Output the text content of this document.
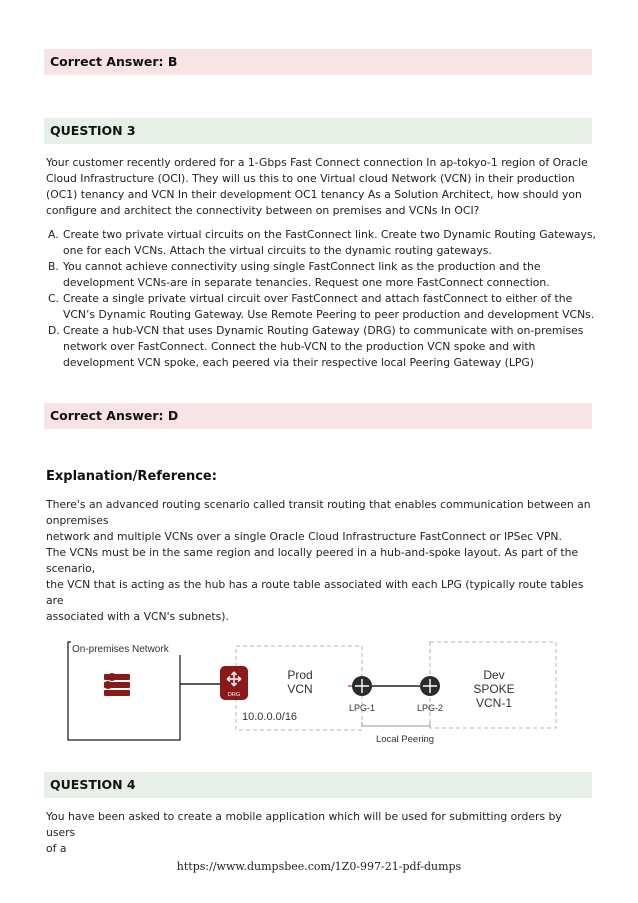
Correct Answer: B
QUESTION 3
Your customer recently ordered for a 1-Gbps Fast Connect connection In ap-tokyo-1 region of Oracle
Cloud Infrastructure (OCI). They will us this to one Virtual cloud Network (VCN) in their production
(OC1) tenancy and VCN In their development OC1 tenancy As a Solution Architect, how should yon
configure and architect the connectivity between on premises and VCNs In OCI?
A. Create two private virtual circuits on the FastConnect link. Create two Dynamic Routing Gateways,
one for each VCNs. Attach the virtual circuits to the dynamic routing gateways.
B. You cannot achieve connectivity using single FastConnect link as the production and the
development VCNs-are in separate tenancies. Request one more FastConnect connection.
C. Create a single private virtual circuit over FastConnect and attach fastConnect to either of the
VCN’s Dynamic Routing Gateway. Use Remote Peering to peer production and development VCNs.
D. Create a hub-VCN that uses Dynamic Routing Gateway (DRG) to communicate with on-premises
network over FastConnect. Connect the hub-VCN to the production VCN spoke and with
development VCN spoke, each peered via their respective local Peering Gateway (LPG)
Correct Answer: D
Explanation/Reference:
There's an advanced routing scenario called transit routing that enables communication between an
onpremises
network and multiple VCNs over a single Oracle Cloud Infrastructure FastConnect or IPSec VPN.
The VCNs must be in the same region and locally peered in a hub-and-spoke layout. As part of the
scenario,
the VCN that is acting as the hub has a route table associated with each LPG (typically route tables
are
associated with a VCN's subnets).
On-premises Network
DRG
Prod
VCN
10.0.0.0/16
LPG-1	LPG-2
Dev
SPOKE
VCN-1
Local Peering
QUESTION 4
You have been asked to create a mobile application which will be used for submitting orders by users
of a
https://www.dumpsbee.com/1Z0-997-21-pdf-dumps
